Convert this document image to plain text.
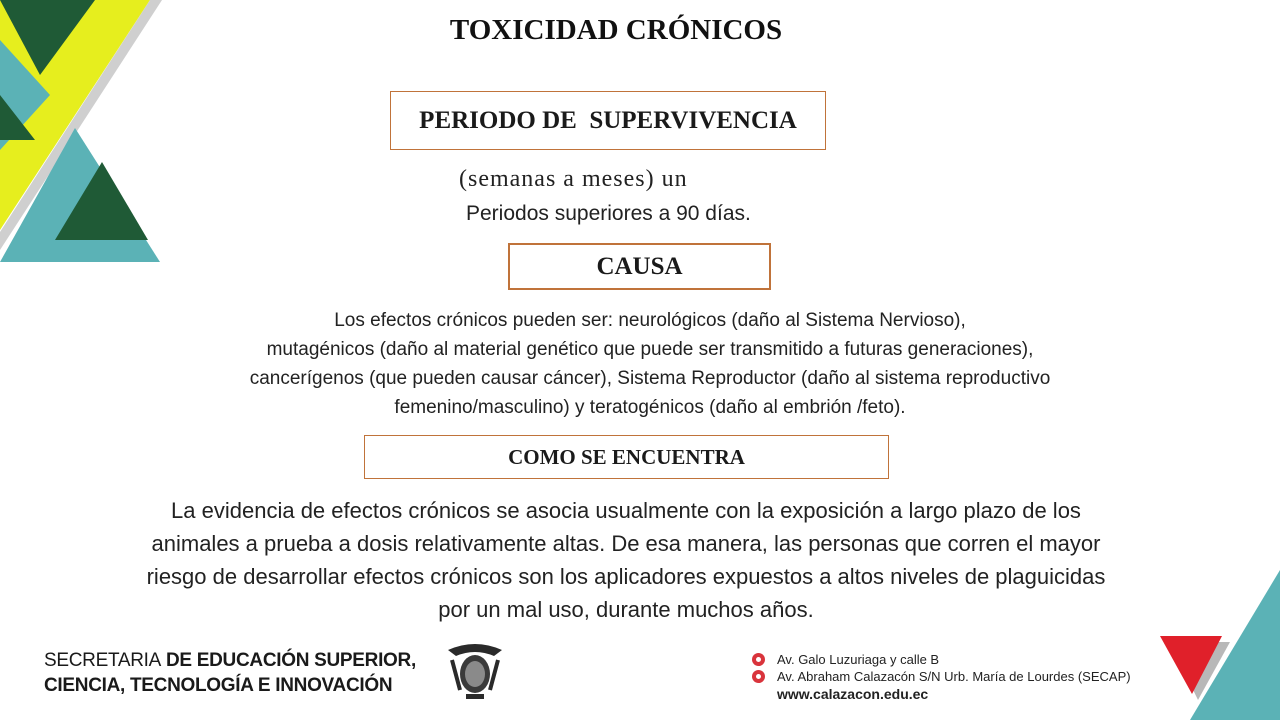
TOXICIDAD CRÓNICOS
PERIODO DE  SUPERVIVENCIA
(semanas a meses) un
Periodos superiores a 90 días.
CAUSA
Los efectos crónicos pueden ser: neurológicos (daño al Sistema Nervioso),
mutagénicos (daño al material genético que puede ser transmitido a futuras generaciones),
cancerígenos (que pueden causar cáncer), Sistema Reproductor (daño al sistema reproductivo
femenino/masculino) y teratogénicos (daño al embrión /feto).
COMO SE ENCUENTRA
La evidencia de efectos crónicos se asocia usualmente con la exposición a largo plazo de los
animales a prueba a dosis relativamente altas. De esa manera, las personas que corren el mayor
riesgo de desarrollar efectos crónicos son los aplicadores expuestos a altos niveles de plaguicidas
por un mal uso, durante muchos años.
SECRETARIA DE EDUCACIÓN SUPERIOR,
CIENCIA, TECNOLOGÍA E INNOVACIÓN
Av. Galo Luzuriaga y calle B
Av. Abraham Calazacón S/N Urb. María de Lourdes (SECAP)
www.calazacon.edu.ec
